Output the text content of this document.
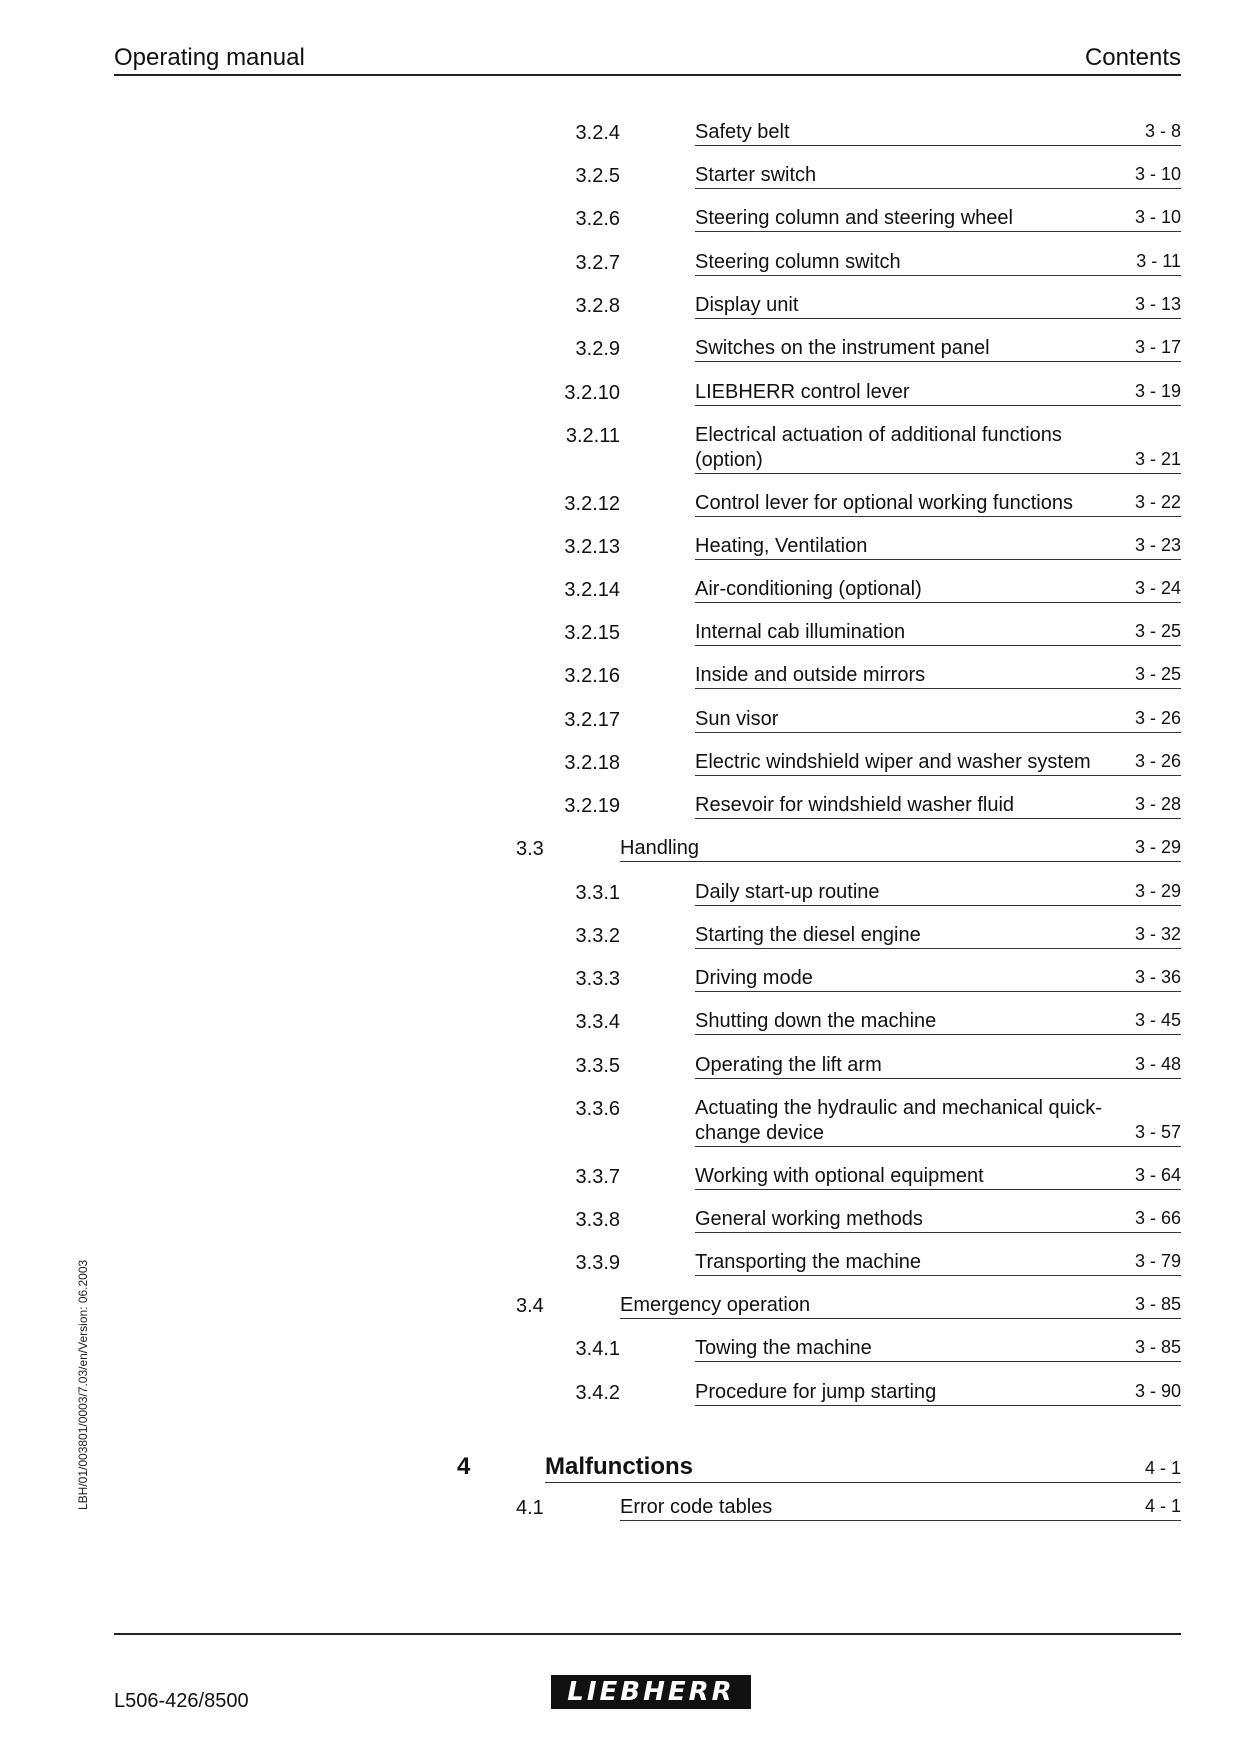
Operating manual	Contents
LBH/01/003801/0003/7.03/en/Version: 06.2003
3.2.4	Safety belt	3 - 8
3.2.5	Starter switch	3 - 10
3.2.6	Steering column and steering wheel	3 - 10
3.2.7	Steering column switch	3 - 11
3.2.8	Display unit	3 - 13
3.2.9	Switches on the instrument panel	3 - 17
3.2.10	LIEBHERR control lever	3 - 19
3.2.11	Electrical actuation of additional functions (option)	3 - 21
3.2.12	Control lever for optional working functions	3 - 22
3.2.13	Heating, Ventilation	3 - 23
3.2.14	Air-conditioning (optional)	3 - 24
3.2.15	Internal cab illumination	3 - 25
3.2.16	Inside and outside mirrors	3 - 25
3.2.17	Sun visor	3 - 26
3.2.18	Electric windshield wiper and washer system	3 - 26
3.2.19	Resevoir for windshield washer fluid	3 - 28
3.3	Handling	3 - 29
3.3.1	Daily start-up routine	3 - 29
3.3.2	Starting the diesel engine	3 - 32
3.3.3	Driving mode	3 - 36
3.3.4	Shutting down the machine	3 - 45
3.3.5	Operating the lift arm	3 - 48
3.3.6	Actuating the hydraulic and mechanical quick-change device	3 - 57
3.3.7	Working with optional equipment	3 - 64
3.3.8	General working methods	3 - 66
3.3.9	Transporting the machine	3 - 79
3.4	Emergency operation	3 - 85
3.4.1	Towing the machine	3 - 85
3.4.2	Procedure for jump starting	3 - 90
4	Malfunctions	4 - 1
4.1	Error code tables	4 - 1
L506-426/8500	LIEBHERR
